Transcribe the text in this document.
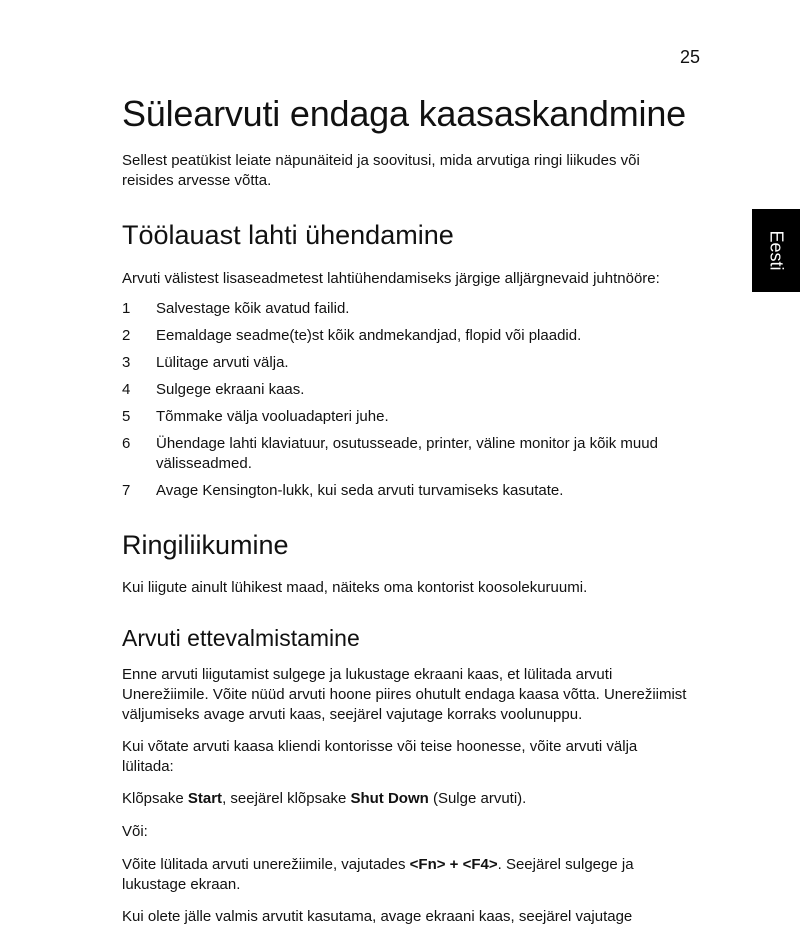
25
Eesti
Sülearvuti endaga kaasaskandmine

Sellest peatükist leiate näpunäiteid ja soovitusi, mida arvutiga ringi liikudes või reisides arvesse võtta.

Töölauast lahti ühendamine

Arvuti välistest lisaseadmetest lahtiühendamiseks järgige alljärgnevaid juhtnööre:

1	Salvestage kõik avatud failid.
2	Eemaldage seadme(te)st kõik andmekandjad, flopid või plaadid.
3	Lülitage arvuti välja.
4	Sulgege ekraani kaas.
5	Tõmmake välja vooluadapteri juhe.
6	Ühendage lahti klaviatuur, osutusseade, printer, väline monitor ja kõik muud välisseadmed.
7	Avage Kensington-lukk, kui seda arvuti turvamiseks kasutate.
Ringiliikumine

Kui liigute ainult lühikest maad, näiteks oma kontorist koosolekuruumi.

Arvuti ettevalmistamine

Enne arvuti liigutamist sulgege ja lukustage ekraani kaas, et lülitada arvuti Unerežiimile. Võite nüüd arvuti hoone piires ohutult endaga kaasa võtta. Unerežiimist väljumiseks avage arvuti kaas, seejärel vajutage korraks voolunuppu.

Kui võtate arvuti kaasa kliendi kontorisse või teise hoonesse, võite arvuti välja lülitada:

Klõpsake Start, seejärel klõpsake Shut Down (Sulge arvuti).

Või:

Võite lülitada arvuti unerežiimile, vajutades <Fn> + <F4>. Seejärel sulgege ja lukustage ekraan.

Kui olete jälle valmis arvutit kasutama, avage ekraani kaas, seejärel vajutage
